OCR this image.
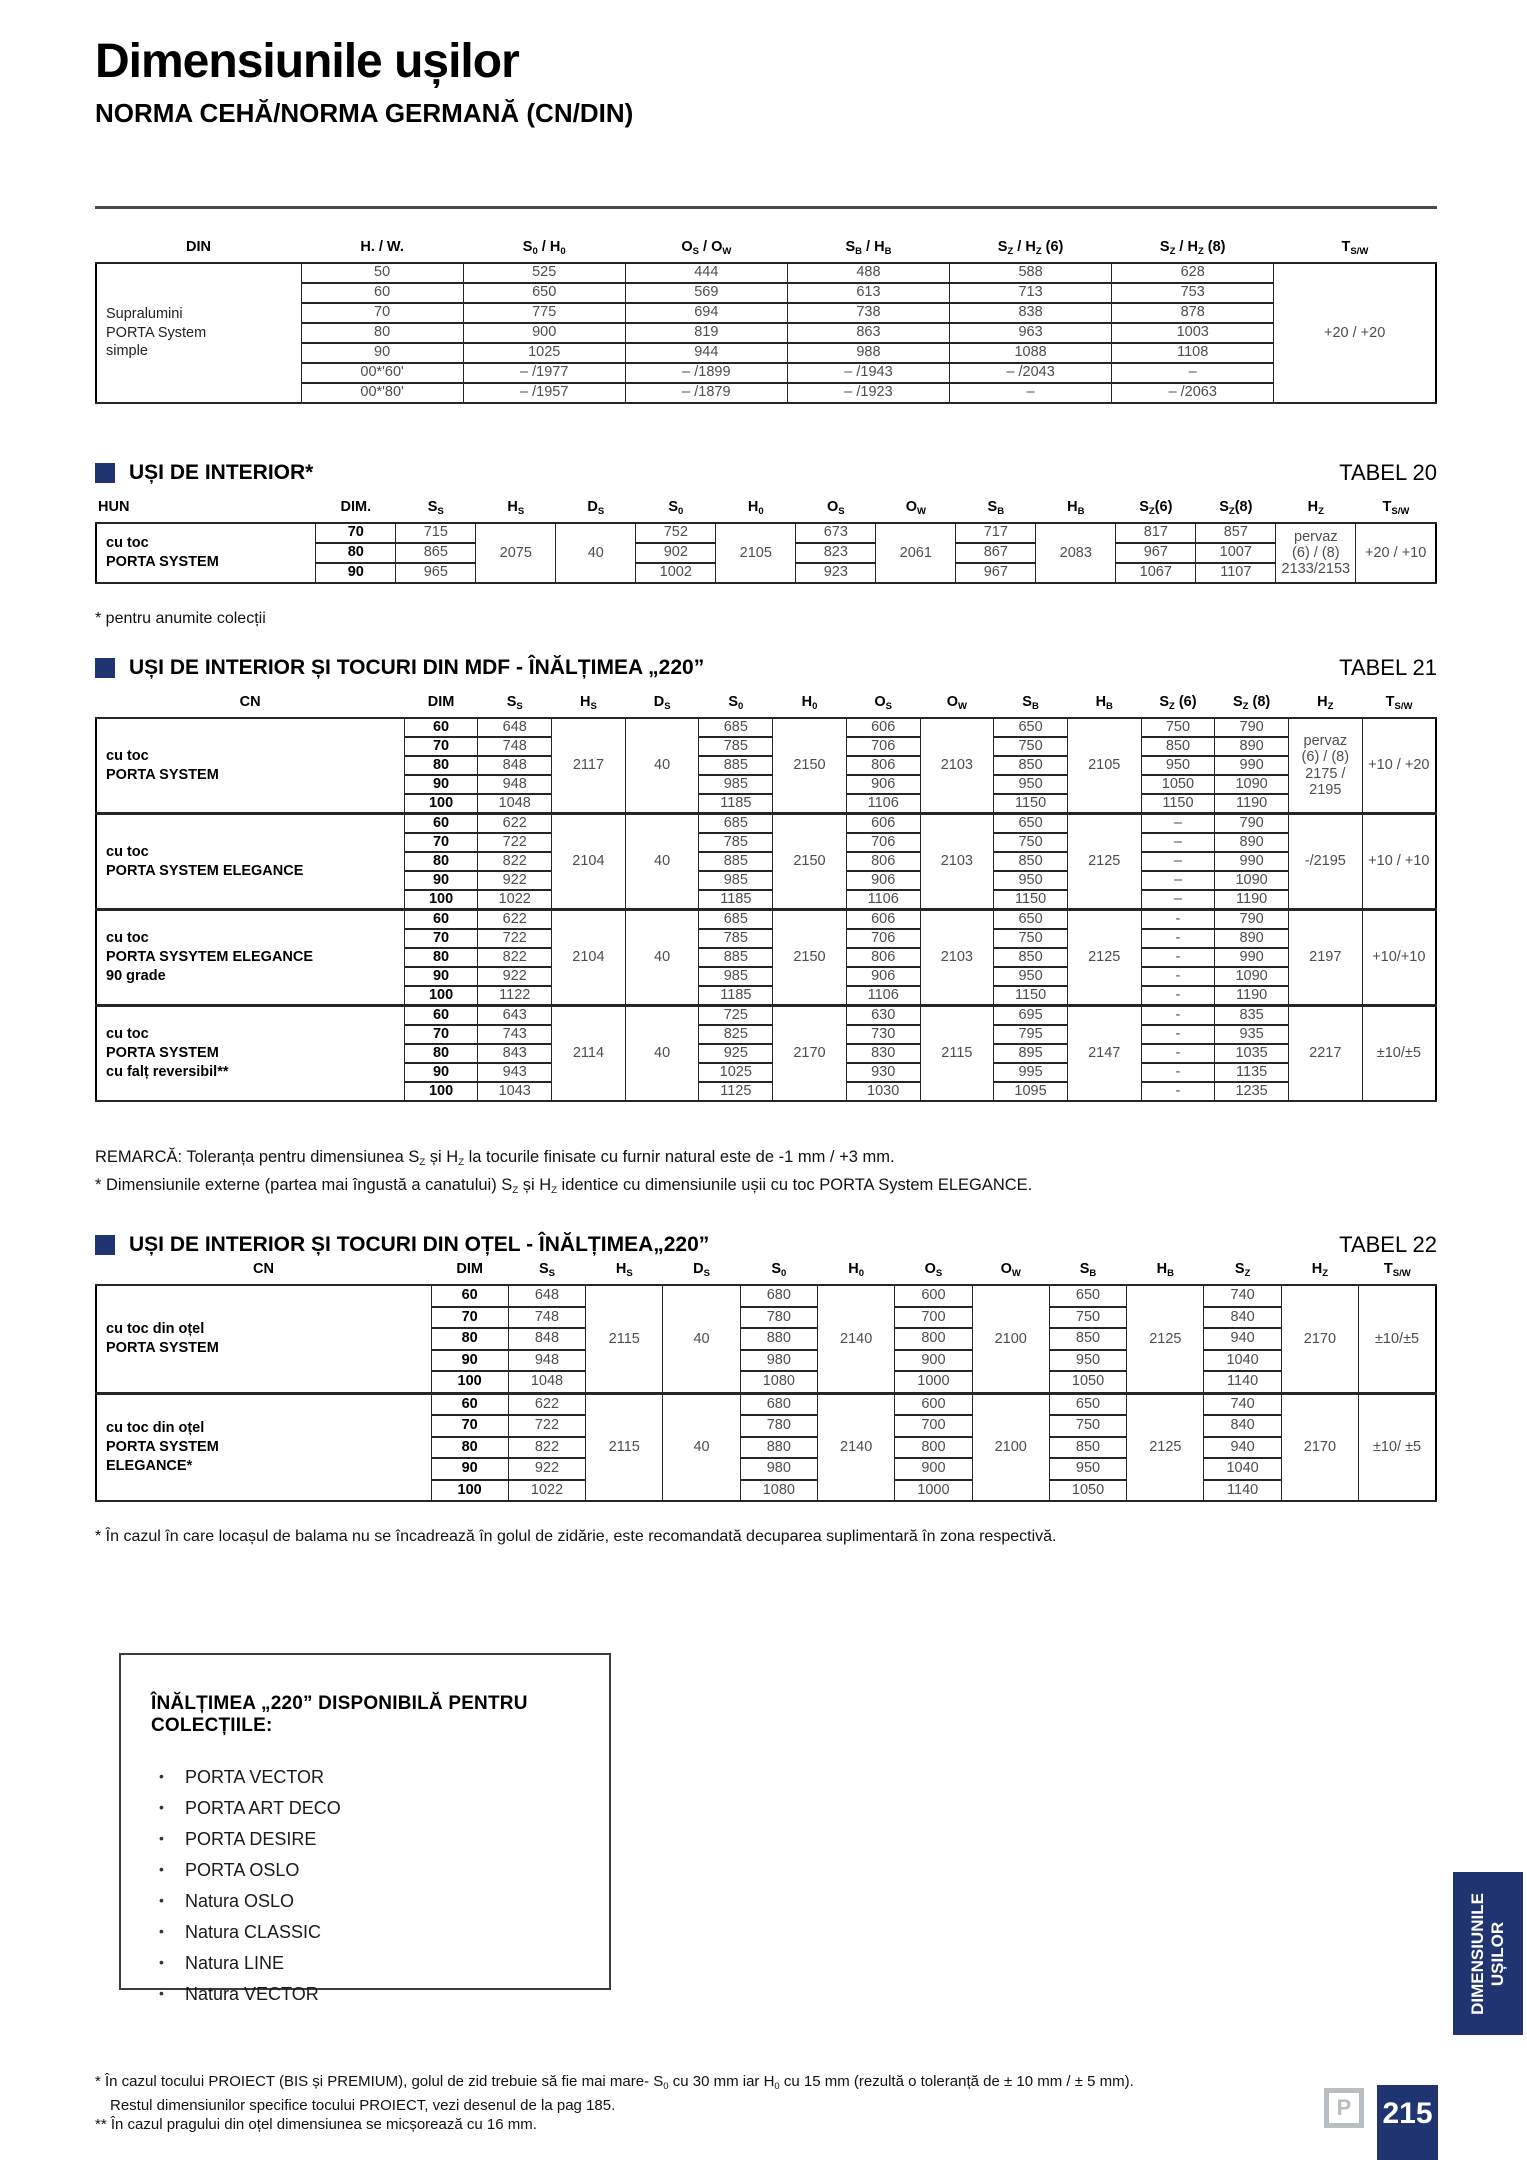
Dimensiunile ușilor
NORMA CEHĂ/NORMA GERMANĂ (CN/DIN)
DIN	H. / W.	$S_0 / H_0$	$O_S / O_W$	$S_B / H_B$	$S_Z / H_Z$ (6)	$S_Z / H_Z$ (8)	$T_{S/W}$
Supralumini
PORTA System
simple	50	525	444	488	588	628	+20 / +20
	60	650	569	613	713	753	
	70	775	694	738	838	878	
	80	900	819	863	963	1003	
	90	1025	944	988	1088	1108	
	00*'60'	– /1977	– /1899	– /1943	– /2043	–	
	00*'80'	– /1957	– /1879	– /1923	–	– /2063	
UȘI DE INTERIOR*	TABEL 20
HUN	DIM.	$S_S$	$H_S$	$D_S$	$S_0$	$H_0$	$O_S$	$O_W$	$S_B$	$H_B$	$S_Z(6)$	$S_Z(8)$	$H_Z$	$T_{S/W}$
cu toc
PORTA SYSTEM	70	715	2075	40	752	2105	673	2061	717	2083	817	857	pervaz
(6) / (8)
2133/2153	+20 / +10
	80	865			902		823		867		967	1007		
	90	965			1002		923		967		1067	1107		
* pentru anumite colecții
UȘI DE INTERIOR ȘI TOCURI DIN MDF - ÎNĂLȚIMEA „220”	TABEL 21
CN	DIM	$S_S$	$H_S$	$D_S$	$S_0$	$H_0$	$O_S$	$O_W$	$S_B$	$H_B$	$S_Z$ (6)	$S_Z$ (8)	$H_Z$	$T_{S/W}$
cu toc
PORTA SYSTEM	60	648	2117	40	685	2150	606	2103	650	2105	750	790	pervaz
(6) / (8)
2175 / 2195	+10 / +20
	70	748			785		706		750		850	890		
	80	848			885		806		850		950	990		
	90	948			985		906		950		1050	1090		
	100	1048			1185		1106		1150		1150	1190		
cu toc
PORTA SYSTEM ELEGANCE	60	622	2104	40	685	2150	606	2103	650	2125	–	790	-/2195	+10 / +10
	70	722			785		706		750		–	890		
	80	822			885		806		850		–	990		
	90	922			985		906		950		–	1090		
	100	1022			1185		1106		1150		–	1190		
cu toc
PORTA SYSYTEM ELEGANCE
90 grade	60	622	2104	40	685	2150	606	2103	650	2125	-	790	2197	+10/+10
	70	722			785		706		750		-	890		
	80	822			885		806		850		-	990		
	90	922			985		906		950		-	1090		
	100	1122			1185		1106		1150		-	1190		
cu toc
PORTA SYSTEM
cu falț reversibil**	60	643	2114	40	725	2170	630	2115	695	2147	-	835	2217	±10/±5
	70	743			825		730		795		-	935		
	80	843			925		830		895		-	1035		
	90	943			1025		930		995		-	1135		
	100	1043			1125		1030		1095		-	1235		
REMARCĂ: Toleranța pentru dimensiunea $S_Z$ și $H_Z$ la tocurile finisate cu furnir natural este de -1 mm / +3 mm.
* Dimensiunile externe (partea mai îngustă a canatului) $S_Z$ și $H_Z$ identice cu dimensiunile ușii cu toc PORTA System ELEGANCE.
UȘI DE INTERIOR ȘI TOCURI DIN OȚEL - ÎNĂLȚIMEA„220”	TABEL 22
CN	DIM	$S_S$	$H_S$	$D_S$	$S_0$	$H_0$	$O_S$	$O_W$	$S_B$	$H_B$	$S_Z$	$H_Z$	$T_{S/W}$
cu toc din oțel
PORTA SYSTEM	60	648	2115	40	680	2140	600	2100	650	2125	740	2170	±10/±5
	70	748			780		700		750		840		
	80	848			880		800		850		940		
	90	948			980		900		950		1040		
	100	1048			1080		1000		1050		1140		
cu toc din oțel
PORTA SYSTEM
ELEGANCE*	60	622	2115	40	680	2140	600	2100	650	2125	740	2170	±10/ ±5
	70	722			780		700		750		840		
	80	822			880		800		850		940		
	90	922			980		900		950		1040		
	100	1022			1080		1000		1050		1140		
* În cazul în care locașul de balama nu se încadrează în golul de zidărie, este recomandată decuparea suplimentară în zona respectivă.
ÎNĂLȚIMEA „220” DISPONIBILĂ PENTRU COLECȚIILE:
• PORTA VECTOR
• PORTA ART DECO
• PORTA DESIRE
• PORTA OSLO
• Natura OSLO
• Natura CLASSIC
• Natura LINE
• Natura VECTOR	DIMENSIUNILE
UȘILOR
* În cazul tocului PROIECT (BIS și PREMIUM), golul de zid trebuie să fie mai mare- $S_0$ cu 30 mm iar $H_0$ cu 15 mm (rezultă o toleranță de ± 10 mm / ± 5 mm).
Restul dimensiunilor specifice tocului PROIECT, vezi desenul de la pag 185.
** În cazul pragului din oțel dimensiunea se micșorează cu 16 mm.
P	215
